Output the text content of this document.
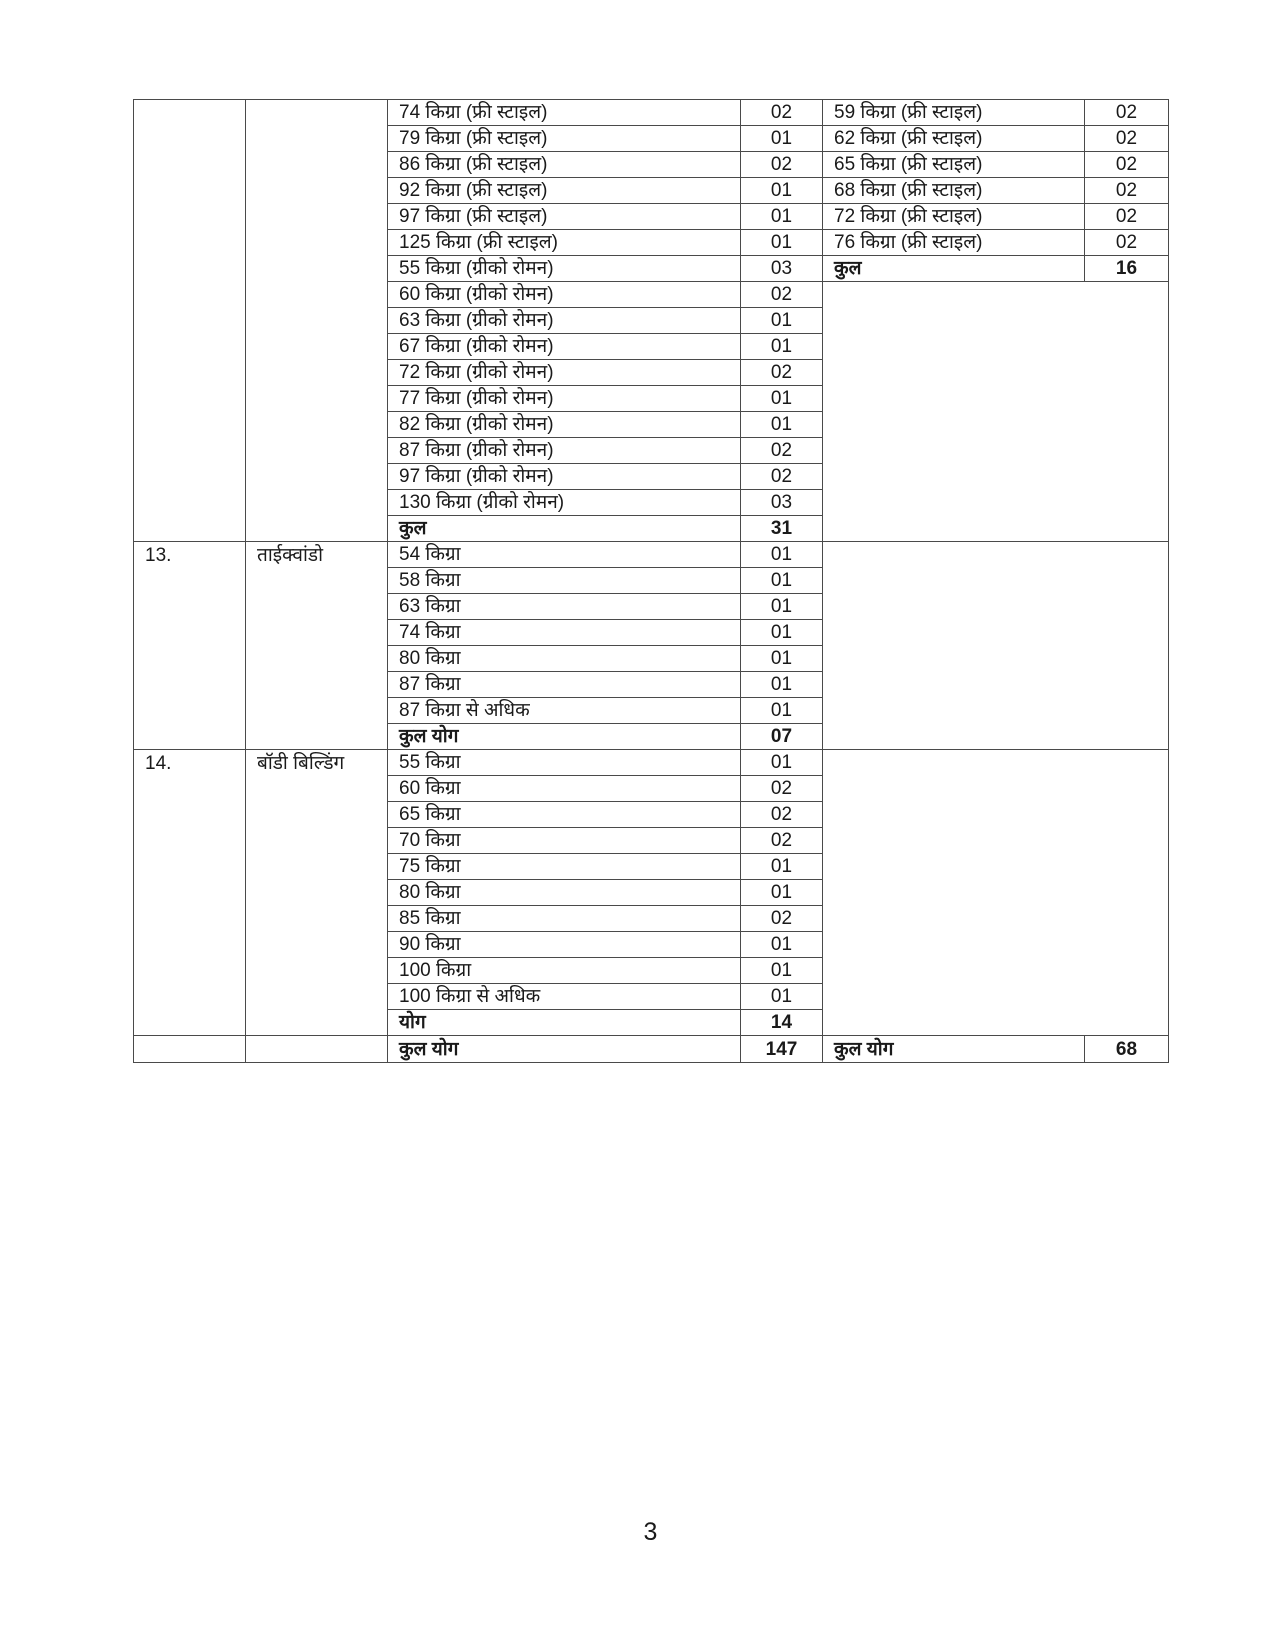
		74 किग्रा (फ्री स्टाइल)	02	59 किग्रा (फ्री स्टाइल)	02
		79 किग्रा (फ्री स्टाइल)	01	62 किग्रा (फ्री स्टाइल)	02
		86 किग्रा (फ्री स्टाइल)	02	65 किग्रा (फ्री स्टाइल)	02
		92 किग्रा (फ्री स्टाइल)	01	68 किग्रा (फ्री स्टाइल)	02
		97 किग्रा (फ्री स्टाइल)	01	72 किग्रा (फ्री स्टाइल)	02
		125 किग्रा (फ्री स्टाइल)	01	76 किग्रा (फ्री स्टाइल)	02
		55 किग्रा (ग्रीको रोमन)	03	कुल	16
		60 किग्रा (ग्रीको रोमन)	02		
		63 किग्रा (ग्रीको रोमन)	01		
		67 किग्रा (ग्रीको रोमन)	01		
		72 किग्रा (ग्रीको रोमन)	02		
		77 किग्रा (ग्रीको रोमन)	01		
		82 किग्रा (ग्रीको रोमन)	01		
		87 किग्रा (ग्रीको रोमन)	02		
		97 किग्रा (ग्रीको रोमन)	02		
		130 किग्रा (ग्रीको रोमन)	03		
		कुल	31		
13.	ताईक्वांडो	54 किग्रा	01		
		58 किग्रा	01		
		63 किग्रा	01		
		74 किग्रा	01		
		80 किग्रा	01		
		87 किग्रा	01		
		87 किग्रा से अधिक	01		
		कुल योग	07		
14.	बॉडी बिल्डिंग	55 किग्रा	01		
		60 किग्रा	02		
		65 किग्रा	02		
		70 किग्रा	02		
		75 किग्रा	01		
		80 किग्रा	01		
		85 किग्रा	02		
		90 किग्रा	01		
		100 किग्रा	01		
		100 किग्रा से अधिक	01		
		योग	14		
		कुल योग	147	कुल योग	68
3
